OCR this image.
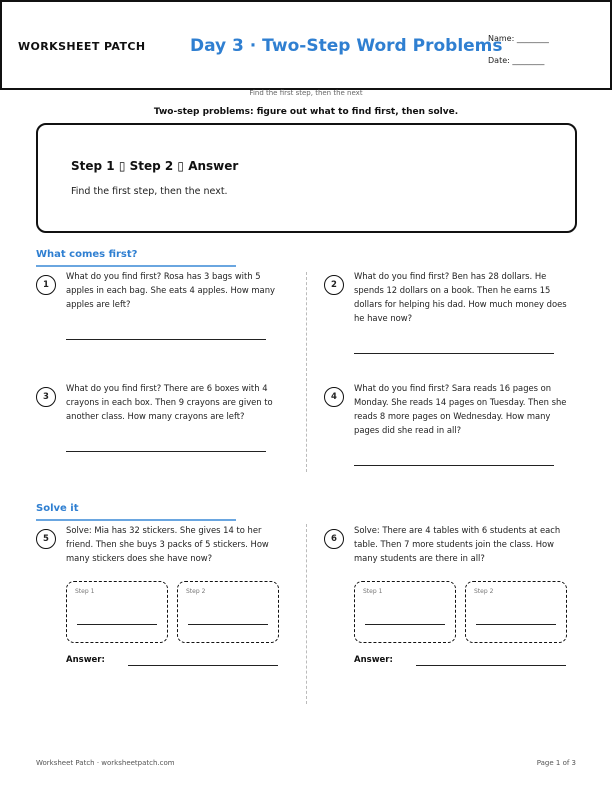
WORKSHEET PATCH	Day 3 · Two-Step Word Problems
Name: ________
Date: ________
Find the first step, then the next
Two-step problems: figure out what to find first, then solve.
Step 1 ▯ Step 2 ▯ Answer
Find the first step, then the next.
What comes first?
1
What do you find first? Rosa has 3 bags with 5 apples in each bag. She eats 4 apples. How many apples are left?
2
What do you find first? Ben has 28 dollars. He spends 12 dollars on a book. Then he earns 15 dollars for helping his dad. How much money does he have now?
3
What do you find first? There are 6 boxes with 4 crayons in each box. Then 9 crayons are given to another class. How many crayons are left?
4
What do you find first? Sara reads 16 pages on Monday. She reads 14 pages on Tuesday. Then she reads 8 more pages on Wednesday. How many pages did she read in all?
Solve it
5
Solve: Mia has 32 stickers. She gives 14 to her friend. Then she buys 3 packs of 5 stickers. How many stickers does she have now?
Step 1	Step 2
Answer:
6
Solve: There are 4 tables with 6 students at each table. Then 7 more students join the class. How many students are there in all?
Step 1	Step 2
Answer:
Worksheet Patch · worksheetpatch.com	Page 1 of 3
